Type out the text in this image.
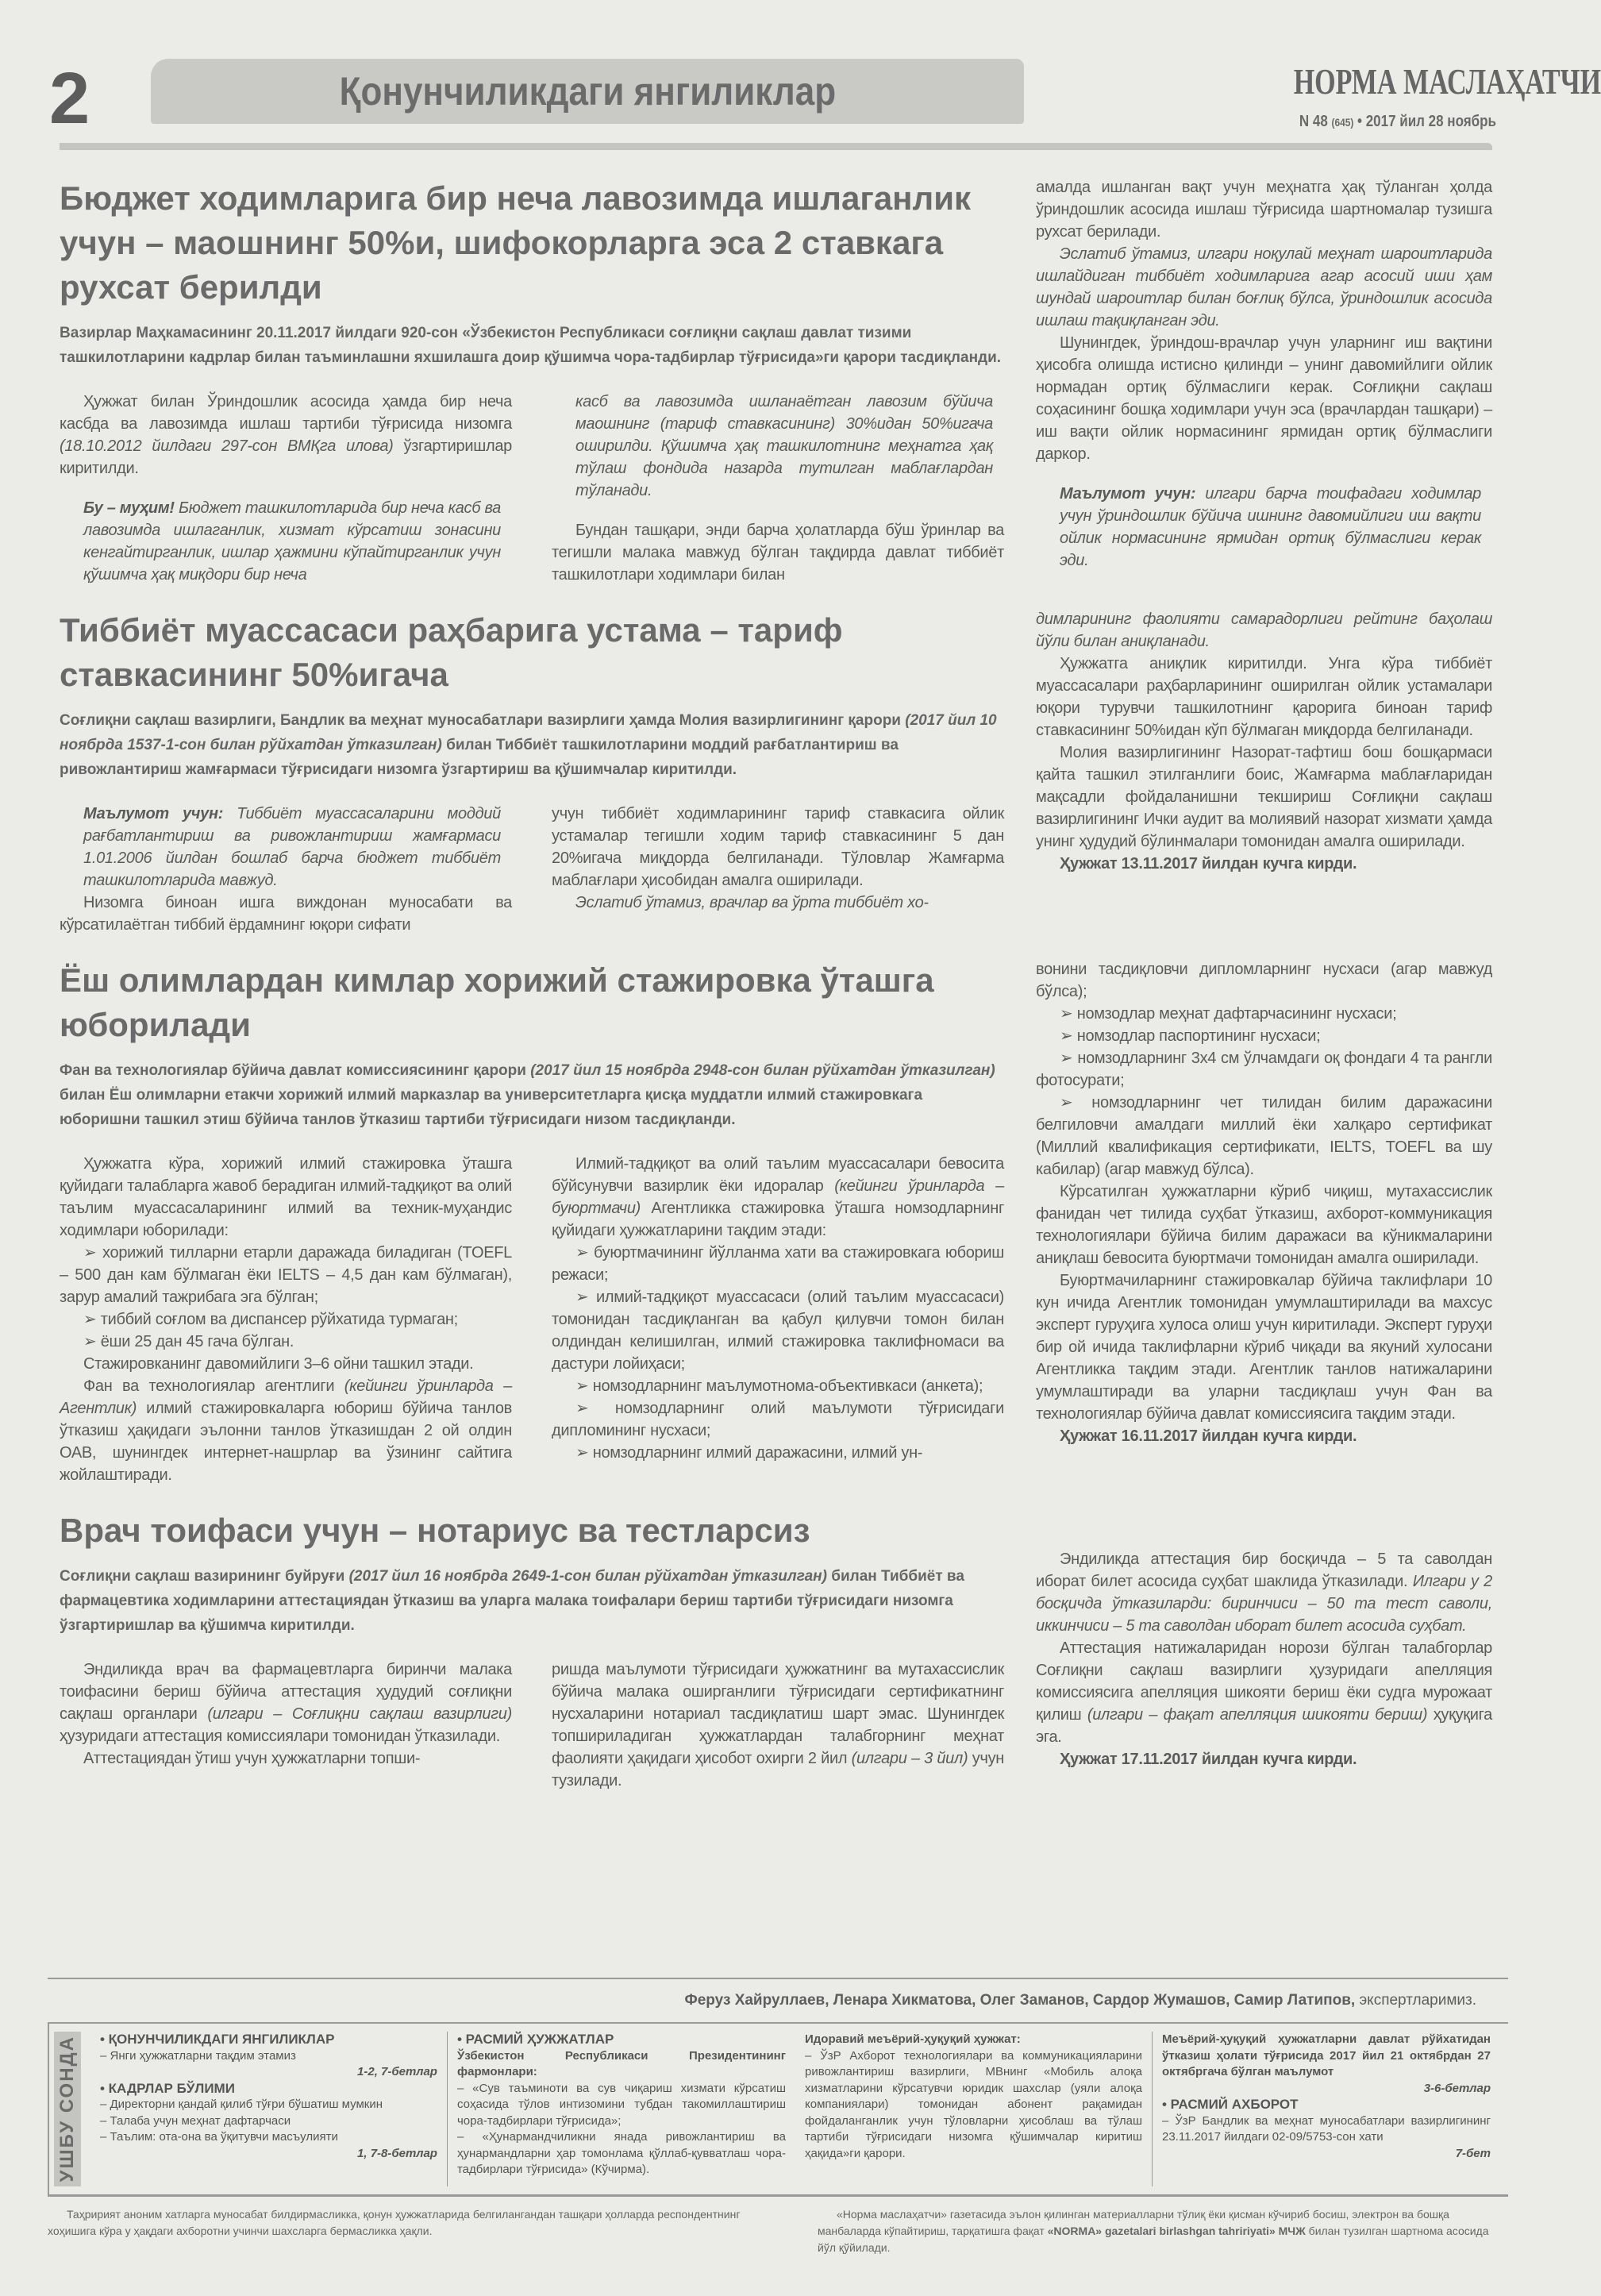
2	Қонунчиликдаги янгиликлар	НОРМА МАСЛАҲАТЧИ
N 48 (645) • 2017 йил 28 ноябрь
Бюджет ходимларига бир неча лавозимда ишлаганлик учун – маошнинг 50%и, шифокорларга эса 2 ставкага рухсат берилди
Вазирлар Маҳкамасининг 20.11.2017 йилдаги 920-сон «Ўзбекистон Республикаси соғлиқни сақлаш давлат тизими ташкилотларини кадрлар билан таъминлашни яхшилашга доир қўшимча чора-тадбирлар тўғрисида»ги қарори тасдиқланди.

Ҳужжат билан Ўриндошлик асосида ҳамда бир неча касбда ва лавозимда ишлаш тартиби тўғрисида низомга (18.10.2012 йилдаги 297-сон ВМҚга илова) ўзгартиришлар киритилди.

Бу – муҳим! Бюджет ташкилотларида бир неча касб ва лавозимда ишлаганлик, хизмат кўрсатиш зонасини кенгайтирганлик, ишлар ҳажмини кўпайтирганлик учун қўшимча ҳақ миқдори бир неча

касб ва лавозимда ишланаётган лавозим бўйича маошнинг (тариф ставкасининг) 30%идан 50%игача оширилди. Қўшимча ҳақ ташкилотнинг меҳнатга ҳақ тўлаш фондида назарда тутилган маблағлардан тўланади.

Бундан ташқари, энди барча ҳолатларда бўш ўринлар ва тегишли малака мавжуд бўлган тақдирда давлат тиббиёт ташкилотлари ходимлари билан

амалда ишланган вақт учун меҳнатга ҳақ тўланган ҳолда ўриндошлик асосида ишлаш тўғрисида шартномалар тузишга рухсат берилади.

Эслатиб ўтамиз, илгари ноқулай меҳнат шароитларида ишлайдиган тиббиёт ходимларига агар асосий иши ҳам шундай шароитлар билан боғлиқ бўлса, ўриндошлик асосида ишлаш тақиқланган эди.

Шунингдек, ўриндош-врачлар учун уларнинг иш вақтини ҳисобга олишда истисно қилинди – унинг давомийлиги ойлик нормадан ортиқ бўлмаслиги керак. Соғлиқни сақлаш соҳасининг бошқа ходимлари учун эса (врачлардан ташқари) – иш вақти ойлик нормасининг ярмидан ортиқ бўлмаслиги даркор.

Маълумот учун: илгари барча тоифадаги ходимлар учун ўриндошлик бўйича ишнинг давомийлиги иш вақти ойлик нормасининг ярмидан ортиқ бўлмаслиги керак эди.

Тиббиёт муассасаси раҳбарига устама – тариф ставкасининг 50%игача
Соғлиқни сақлаш вазирлиги, Бандлик ва меҳнат муносабатлари вазирлиги ҳамда Молия вазирлигининг қарори (2017 йил 10 ноябрда 1537-1-сон билан рўйхатдан ўтказилган) билан Тиббиёт ташкилотларини моддий рағбатлантириш ва ривожлантириш жамғармаси тўғрисидаги низомга ўзгартириш ва қўшимчалар киритилди.

Маълумот учун: Тиббиёт муассасаларини моддий рағбатлантириш ва ривожлантириш жамғармаси 1.01.2006 йилдан бошлаб барча бюджет тиббиёт ташкилотларида мавжуд.

Низомга биноан ишга виждонан муносабати ва кўрсатилаётган тиббий ёрдамнинг юқори сифати

учун тиббиёт ходимларининг тариф ставкасига ойлик устамалар тегишли ходим тариф ставкасининг 5 дан 20%игача миқдорда белгиланади. Тўловлар Жамғарма маблағлари ҳисобидан амалга оширилади.

Эслатиб ўтамиз, врачлар ва ўрта тиббиёт хо-

димларининг фаолияти самарадорлиги рейтинг баҳолаш йўли билан аниқланади.

Ҳужжатга аниқлик киритилди. Унга кўра тиббиёт муассасалари раҳбарларининг оширилган ойлик устамалари юқори турувчи ташкилотнинг қарорига биноан тариф ставкасининг 50%идан кўп бўлмаган миқдорда белгиланади.

Молия вазирлигининг Назорат-тафтиш бош бошқармаси қайта ташкил этилганлиги боис, Жамғарма маблағларидан мақсадли фойдаланишни текшириш Соғлиқни сақлаш вазирлигининг Ички аудит ва молиявий назорат хизмати ҳамда унинг ҳудудий бўлинмалари томонидан амалга оширилади.

Ҳужжат 13.11.2017 йилдан кучга кирди.

Ёш олимлардан кимлар хорижий стажировка ўташга юборилади
Фан ва технологиялар бўйича давлат комиссиясининг қарори (2017 йил 15 ноябрда 2948-сон билан рўйхатдан ўтказилган) билан Ёш олимларни етакчи хорижий илмий марказлар ва университетларга қисқа муддатли илмий стажировкага юборишни ташкил этиш бўйича танлов ўтказиш тартиби тўғрисидаги низом тасдиқланди.

Ҳужжатга кўра, хорижий илмий стажировка ўташга қуйидаги талабларга жавоб берадиган илмий-тадқиқот ва олий таълим муассасаларининг илмий ва техник-муҳандис ходимлари юборилади:

➢ хорижий тилларни етарли даражада биладиган (TOEFL – 500 дан кам бўлмаган ёки IELTS – 4,5 дан кам бўлмаган), зарур амалий тажрибага эга бўлган;

➢ тиббий соғлом ва диспансер рўйхатида турмаган;

➢ ёши 25 дан 45 гача бўлган.

Стажировканинг давомийлиги 3–6 ойни ташкил этади.

Фан ва технологиялар агентлиги (кейинги ўринларда – Агентлик) илмий стажировкаларга юбориш бўйича танлов ўтказиш ҳақидаги эълонни танлов ўтказишдан 2 ой олдин ОАВ, шунингдек интернет-нашрлар ва ўзининг сайтига жойлаштиради.

Илмий-тадқиқот ва олий таълим муассасалари бевосита бўйсунувчи вазирлик ёки идоралар (кейинги ўринларда – буюртмачи) Агентликка стажировка ўташга номзодларнинг қуйидаги ҳужжатларини тақдим этади:

➢ буюртмачининг йўлланма хати ва стажировкага юбориш режаси;

➢ илмий-тадқиқот муассасаси (олий таълим муассасаси) томонидан тасдиқланган ва қабул қилувчи томон билан олдиндан келишилган, илмий стажировка таклифномаси ва дастури лойиҳаси;

➢ номзодларнинг маълумотнома-объективкаси (анкета);

➢ номзодларнинг олий маълумоти тўғрисидаги дипломининг нусхаси;

➢ номзодларнинг илмий даражасини, илмий ун-

вонини тасдиқловчи дипломларнинг нусхаси (агар мавжуд бўлса);

➢ номзодлар меҳнат дафтарчасининг нусхаси;

➢ номзодлар паспортининг нусхаси;

➢ номзодларнинг 3x4 см ўлчамдаги оқ фондаги 4 та рангли фотосурати;

➢ номзодларнинг чет тилидан билим даражасини белгиловчи амалдаги миллий ёки халқаро сертификат (Миллий квалификация сертификати, IELTS, TOEFL ва шу кабилар) (агар мавжуд бўлса).

Кўрсатилган ҳужжатларни кўриб чиқиш, мутахассислик фанидан чет тилида суҳбат ўтказиш, ахборот-коммуникация технологиялари бўйича билим даражаси ва кўникмаларини аниқлаш бевосита буюртмачи томонидан амалга оширилади.

Буюртмачиларнинг стажировкалар бўйича таклифлари 10 кун ичида Агентлик томонидан умумлаштирилади ва махсус эксперт гуруҳига хулоса олиш учун киритилади. Эксперт гуруҳи бир ой ичида таклифларни кўриб чиқади ва якуний хулосани Агентликка тақдим этади. Агентлик танлов натижаларини умумлаштиради ва уларни тасдиқлаш учун Фан ва технологиялар бўйича давлат комиссиясига тақдим этади.

Ҳужжат 16.11.2017 йилдан кучга кирди.

Врач тоифаси учун – нотариус ва тестларсиз
Соғлиқни сақлаш вазирининг буйруғи (2017 йил 16 ноябрда 2649-1-сон билан рўйхатдан ўтказилган) билан Тиббиёт ва фармацевтика ходимларини аттестациядан ўтказиш ва уларга малака тоифалари бериш тартиби тўғрисидаги низомга ўзгартиришлар ва қўшимча киритилди.

Эндиликда врач ва фармацевтларга биринчи малака тоифасини бериш бўйича аттестация ҳудудий соғлиқни сақлаш органлари (илгари – Соғлиқни сақлаш вазирлиги) ҳузуридаги аттестация комиссиялари томонидан ўтказилади.

Аттестациядан ўтиш учун ҳужжатларни топши-

ришда маълумоти тўғрисидаги ҳужжатнинг ва мутахассислик бўйича малака оширганлиги тўғрисидаги сертификатнинг нусхаларини нотариал тасдиқлатиш шарт эмас. Шунингдек топшириладиган ҳужжатлардан талабгорнинг меҳнат фаолияти ҳақидаги ҳисобот охирги 2 йил (илгари – 3 йил) учун тузилади.

Эндиликда аттестация бир босқичда – 5 та саволдан иборат билет асосида суҳбат шаклида ўтказилади. Илгари у 2 босқичда ўтказиларди: биринчиси – 50 та тест саволи, иккинчиси – 5 та саволдан иборат билет асосида суҳбат.

Аттестация натижаларидан норози бўлган талабгорлар Соғлиқни сақлаш вазирлиги ҳузуридаги апелляция комиссиясига апелляция шикояти бериш ёки судга мурожаат қилиш (илгари – фақат апелляция шикояти бериш) ҳуқуқига эга.

Ҳужжат 17.11.2017 йилдан кучга кирди.

Феруз Хайруллаев, Ленара Хикматова, Олег Заманов, Сардор Жумашов, Самир Латипов, экспертларимиз.
УШБУ СОНДА • ҚОНУНЧИЛИКДАГИ ЯНГИЛИКЛАР
– Янги ҳужжатларни тақдим этамиз
1-2, 7-бетлар
• КАДРЛАР БЎЛИМИ
– Директорни қандай қилиб тўғри бўшатиш мумкин
– Талаба учун меҳнат дафтарчаси
– Таълим: ота-она ва ўқитувчи масъулияти
1, 7-8-бетлар
• РАСМИЙ ҲУЖЖАТЛАР
Ўзбекистон Республикаси Президентининг фармонлари:
– «Сув таъминоти ва сув чиқариш хизмати кўрсатиш соҳасида тўлов интизомини тубдан такомиллаштириш чора-тадбирлари тўғрисида»;
– «Ҳунармандчиликни янада ривожлантириш ва ҳунармандларни ҳар томонлама қўллаб-қувватлаш чора-тадбирлари тўғрисида» (Кўчирма).
Идоравий меъёрий-ҳуқуқий ҳужжат:
– ЎзР Ахборот технологиялари ва коммуникацияларини ривожлантириш вазирлиги, МВнинг «Мобиль алоқа хизматларини кўрсатувчи юридик шахслар (уяли алоқа компаниялари) томонидан абонент рақамидан фойдаланганлик учун тўловларни ҳисоблаш ва тўлаш тартиби тўғрисидаги низомга қўшимчалар киритиш ҳақида»ги қарори.
Меъёрий-ҳуқуқий ҳужжатларни давлат рўйхатидан ўтказиш ҳолати тўғрисида 2017 йил 21 октябрдан 27 октябргача бўлган маълумот
3-6-бетлар
• РАСМИЙ АХБОРОТ
– ЎзР Бандлик ва меҳнат муносабатлари вазирлигининг 23.11.2017 йилдаги 02-09/5753-сон хати
7-бет

Таҳририят аноним хатларга муносабат билдирмасликка, қонун ҳужжатларида белгилангандан ташқари ҳолларда респондентнинг хоҳишига кўра у ҳақдаги ахборотни учинчи шахсларга бермасликка ҳақли.

«Норма маслаҳатчи» газетасида эълон қилинган материалларни тўлиқ ёки қисман кўчириб босиш, электрон ва бошқа манбаларда кўпайтириш, тарқатишга фақат «NORMA» gazetalari birlashgan tahririyati» МЧЖ билан тузилган шартнома асосида йўл қўйилади.
